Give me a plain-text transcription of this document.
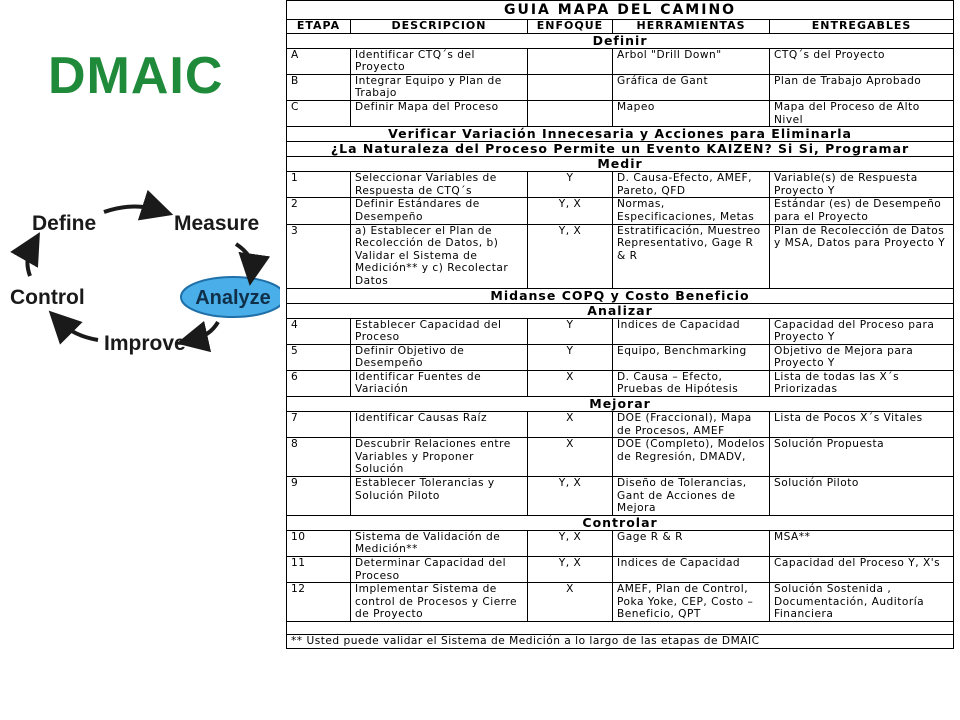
DMAIC
Define	Measure
Analyze
Control
Improve
GUIA MAPA DEL CAMINO				
ETAPA	DESCRIPCION	ENFOQUE	HERRAMIENTAS	ENTREGABLES
Definir				
A	Identificar CTQ´s del Proyecto		Arbol "Drill Down"	CTQ´s del Proyecto
B	Integrar Equipo y Plan de Trabajo		Gráfica de Gant	Plan de Trabajo Aprobado
C	Definir Mapa del Proceso		Mapeo	Mapa del Proceso de Alto Nivel
Verificar Variación Innecesaria y Acciones para Eliminarla				
¿La Naturaleza del Proceso Permite un Evento KAIZEN? Si Si, Programar				
Medir				
1	Seleccionar Variables de Respuesta de CTQ´s	Y	D. Causa-Efecto, AMEF, Pareto, QFD	Variable(s) de Respuesta Proyecto Y
2	Definir Estándares de Desempeño	Y, X	Normas, Especificaciones, Metas	Estándar (es) de Desempeño para el Proyecto
3	a) Establecer el Plan de Recolección de Datos, b) Validar el Sistema de Medición** y c) Recolectar Datos	Y, X	Estratificación, Muestreo Representativo, Gage R & R	Plan de Recolección de Datos y MSA, Datos para Proyecto Y
Midanse COPQ y Costo Beneficio				
Analizar				
4	Establecer Capacidad del Proceso	Y	Índices de Capacidad	Capacidad del Proceso para Proyecto Y
5	Definir Objetivo de Desempeño	Y	Equipo, Benchmarking	Objetivo de Mejora para Proyecto Y
6	Identificar Fuentes de Variación	X	D. Causa – Efecto, Pruebas de Hipótesis	Lista de todas las X´s Priorizadas
Mejorar				
7	Identificar Causas Raíz	X	DOE (Fraccional), Mapa de Procesos, AMEF	Lista de Pocos X´s Vitales
8	Descubrir Relaciones entre Variables y Proponer Solución	X	DOE (Completo), Modelos de Regresión, DMADV,	Solución Propuesta
9	Establecer Tolerancias y Solución Piloto	Y, X	Diseño de Tolerancias, Gant de Acciones de Mejora	Solución Piloto
Controlar				
10	Sistema de Validación de Medición**	Y, X	Gage R & R	MSA**
11	Determinar Capacidad del Proceso	Y, X	Indices de Capacidad	Capacidad del Proceso Y, X's
12	Implementar Sistema de control de Procesos y Cierre de Proyecto	X	AMEF, Plan de Control, Poka Yoke, CEP, Costo – Beneficio, QPT	Solución Sostenida , Documentación, Auditoría Financiera

** Usted puede validar el Sistema de Medición a lo largo de las etapas de DMAIC				
